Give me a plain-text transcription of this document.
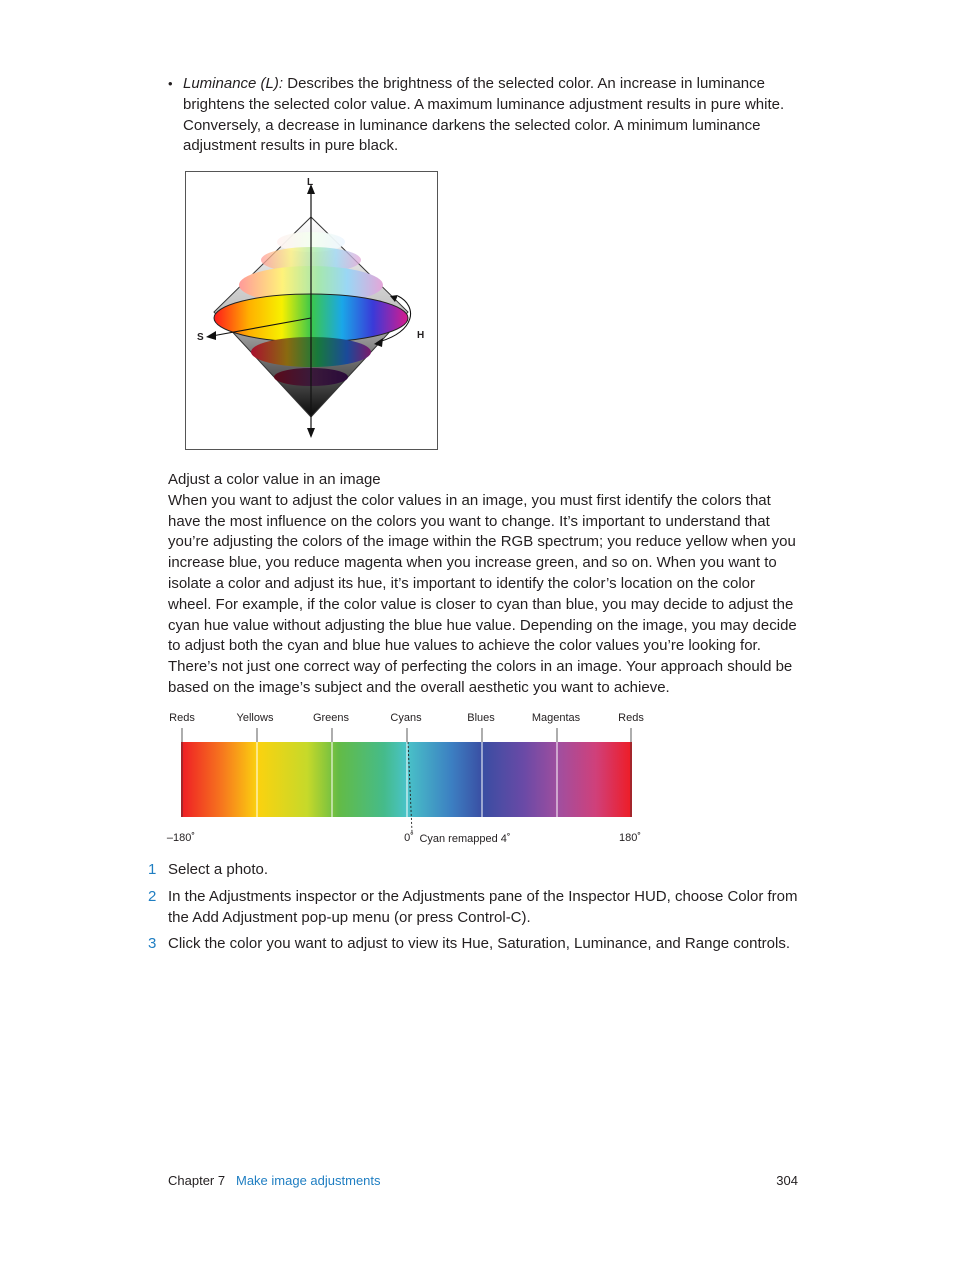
• Luminance (L): Describes the brightness of the selected color. An increase in luminance brightens the selected color value. A maximum luminance adjustment results in pure white. Conversely, a decrease in luminance darkens the selected color. A minimum luminance adjustment results in pure black.
L
S	H
Adjust a color value in an image

When you want to adjust the color values in an image, you must first identify the colors that have the most influence on the colors you want to change. It’s important to understand that you’re adjusting the colors of the image within the RGB spectrum; you reduce yellow when you increase blue, you reduce magenta when you increase green, and so on. When you want to isolate a color and adjust its hue, it’s important to identify the color’s location on the color wheel. For example, if the color value is closer to cyan than blue, you may decide to adjust the cyan hue value without adjusting the blue hue value. Depending on the image, you may decide to adjust both the cyan and blue hue values to achieve the color values you’re looking for. There’s not just one correct way of perfecting the colors in an image. Your approach should be based on the image’s subject and the overall aesthetic you want to achieve.

Reds	Yellows	Greens	Cyans	Blues	Magentas	Reds
–180˚	0˚ Cyan remapped 4˚	180˚
1 Select a photo.
2 In the Adjustments inspector or the Adjustments pane of the Inspector HUD, choose Color from the Add Adjustment pop-up menu (or press Control-C).
3 Click the color you want to adjust to view its Hue, Saturation, Luminance, and Range controls.
Chapter 7 Make image adjustments	304
